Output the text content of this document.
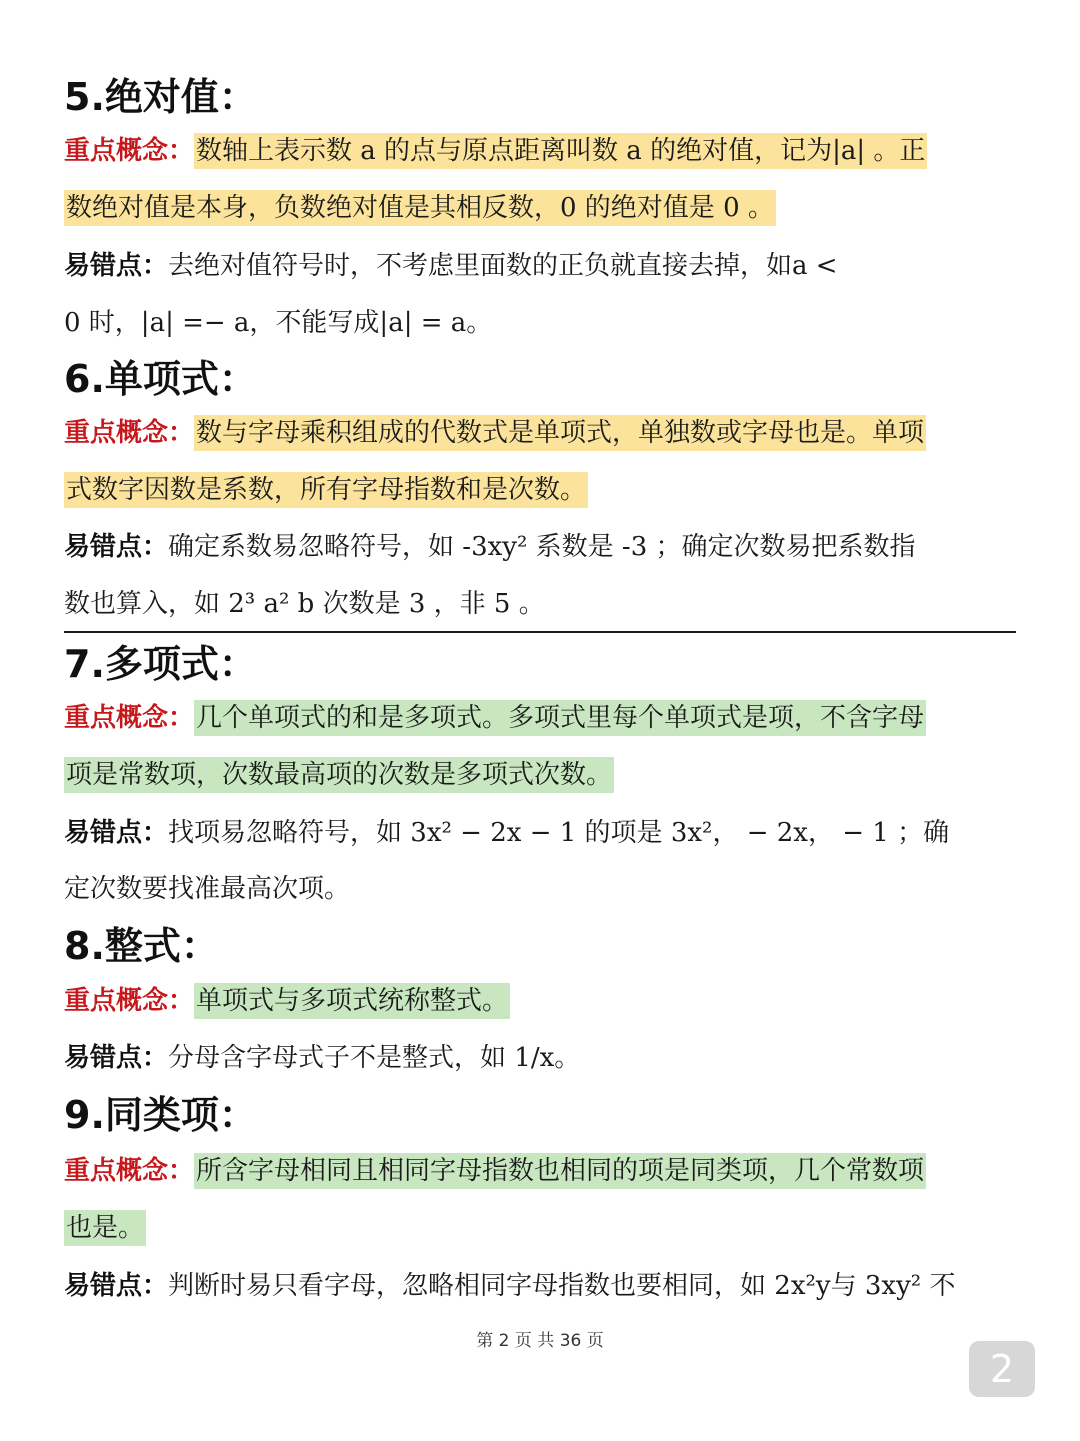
5.绝对值：
重点概念：数轴上表示数 a 的点与原点距离叫数 a 的绝对值，记为|a| 。正
数绝对值是本身，负数绝对值是其相反数，0 的绝对值是 0 。
易错点：去绝对值符号时，不考虑里面数的正负就直接去掉，如a <
0 时，|a| =− a，不能写成|a| = a。
6.单项式：
重点概念：数与字母乘积组成的代数式是单项式，单独数或字母也是。单项
式数字因数是系数，所有字母指数和是次数。
易错点：确定系数易忽略符号，如 -3xy² 系数是 -3 ；确定次数易把系数指
数也算入，如 2³ a² b 次数是 3 ，非 5 。
7.多项式：
重点概念：几个单项式的和是多项式。多项式里每个单项式是项，不含字母
项是常数项，次数最高项的次数是多项式次数。
易错点：找项易忽略符号，如 3x² − 2x − 1 的项是 3x²， − 2x， − 1 ；确
定次数要找准最高次项。
8.整式：
重点概念：单项式与多项式统称整式。
易错点：分母含字母式子不是整式，如 1/x。
9.同类项：
重点概念：所含字母相同且相同字母指数也相同的项是同类项，几个常数项
也是。
易错点：判断时易只看字母，忽略相同字母指数也要相同，如 2x²y与 3xy² 不
第 2 页 共 36 页
2
